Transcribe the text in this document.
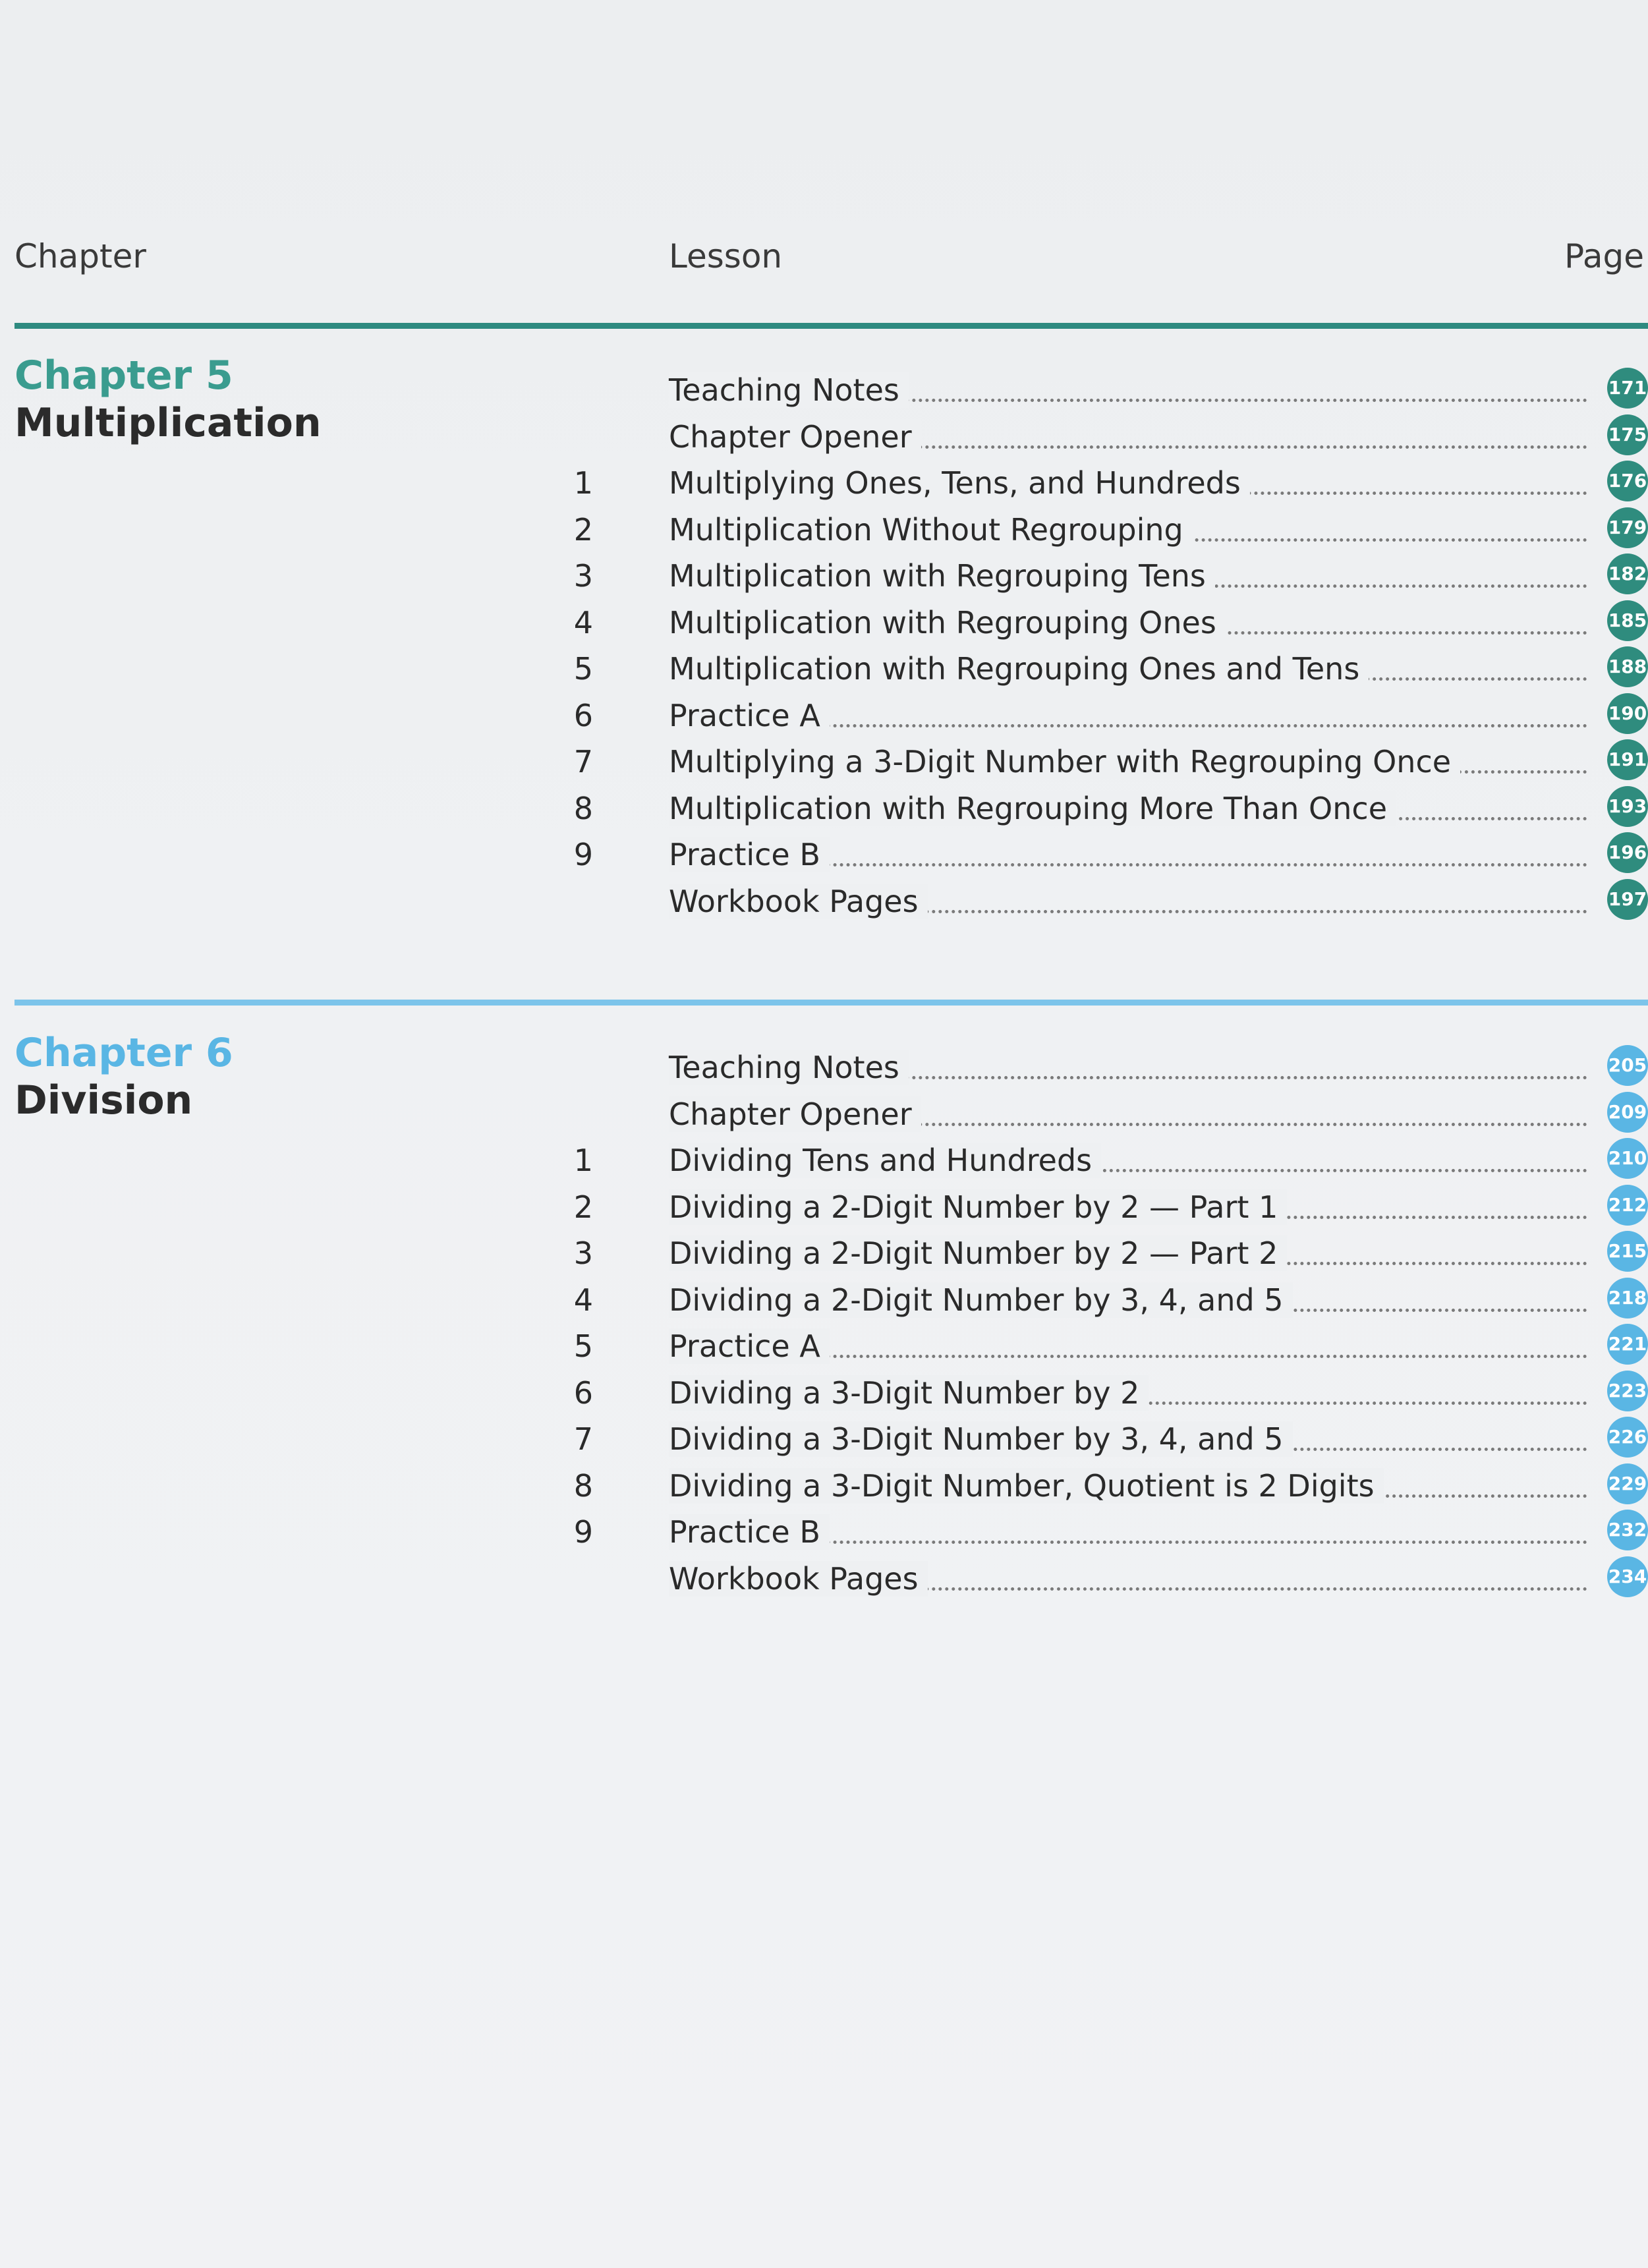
Chapter	Lesson	Page
Chapter 5
Multiplication
Teaching Notes	171
Chapter Opener	175
1	Multiplying Ones, Tens, and Hundreds	176
2	Multiplication Without Regrouping	179
3	Multiplication with Regrouping Tens	182
4	Multiplication with Regrouping Ones	185
5	Multiplication with Regrouping Ones and Tens	188
6	Practice A	190
7	Multiplying a 3-Digit Number with Regrouping Once	191
8	Multiplication with Regrouping More Than Once	193
9	Practice B	196
Workbook Pages	197
Chapter 6
Division
Teaching Notes	205
Chapter Opener	209
1	Dividing Tens and Hundreds	210
2	Dividing a 2-Digit Number by 2 — Part 1	212
3	Dividing a 2-Digit Number by 2 — Part 2	215
4	Dividing a 2-Digit Number by 3, 4, and 5	218
5	Practice A	221
6	Dividing a 3-Digit Number by 2	223
7	Dividing a 3-Digit Number by 3, 4, and 5	226
8	Dividing a 3-Digit Number, Quotient is 2 Digits	229
9	Practice B	232
Workbook Pages	234
